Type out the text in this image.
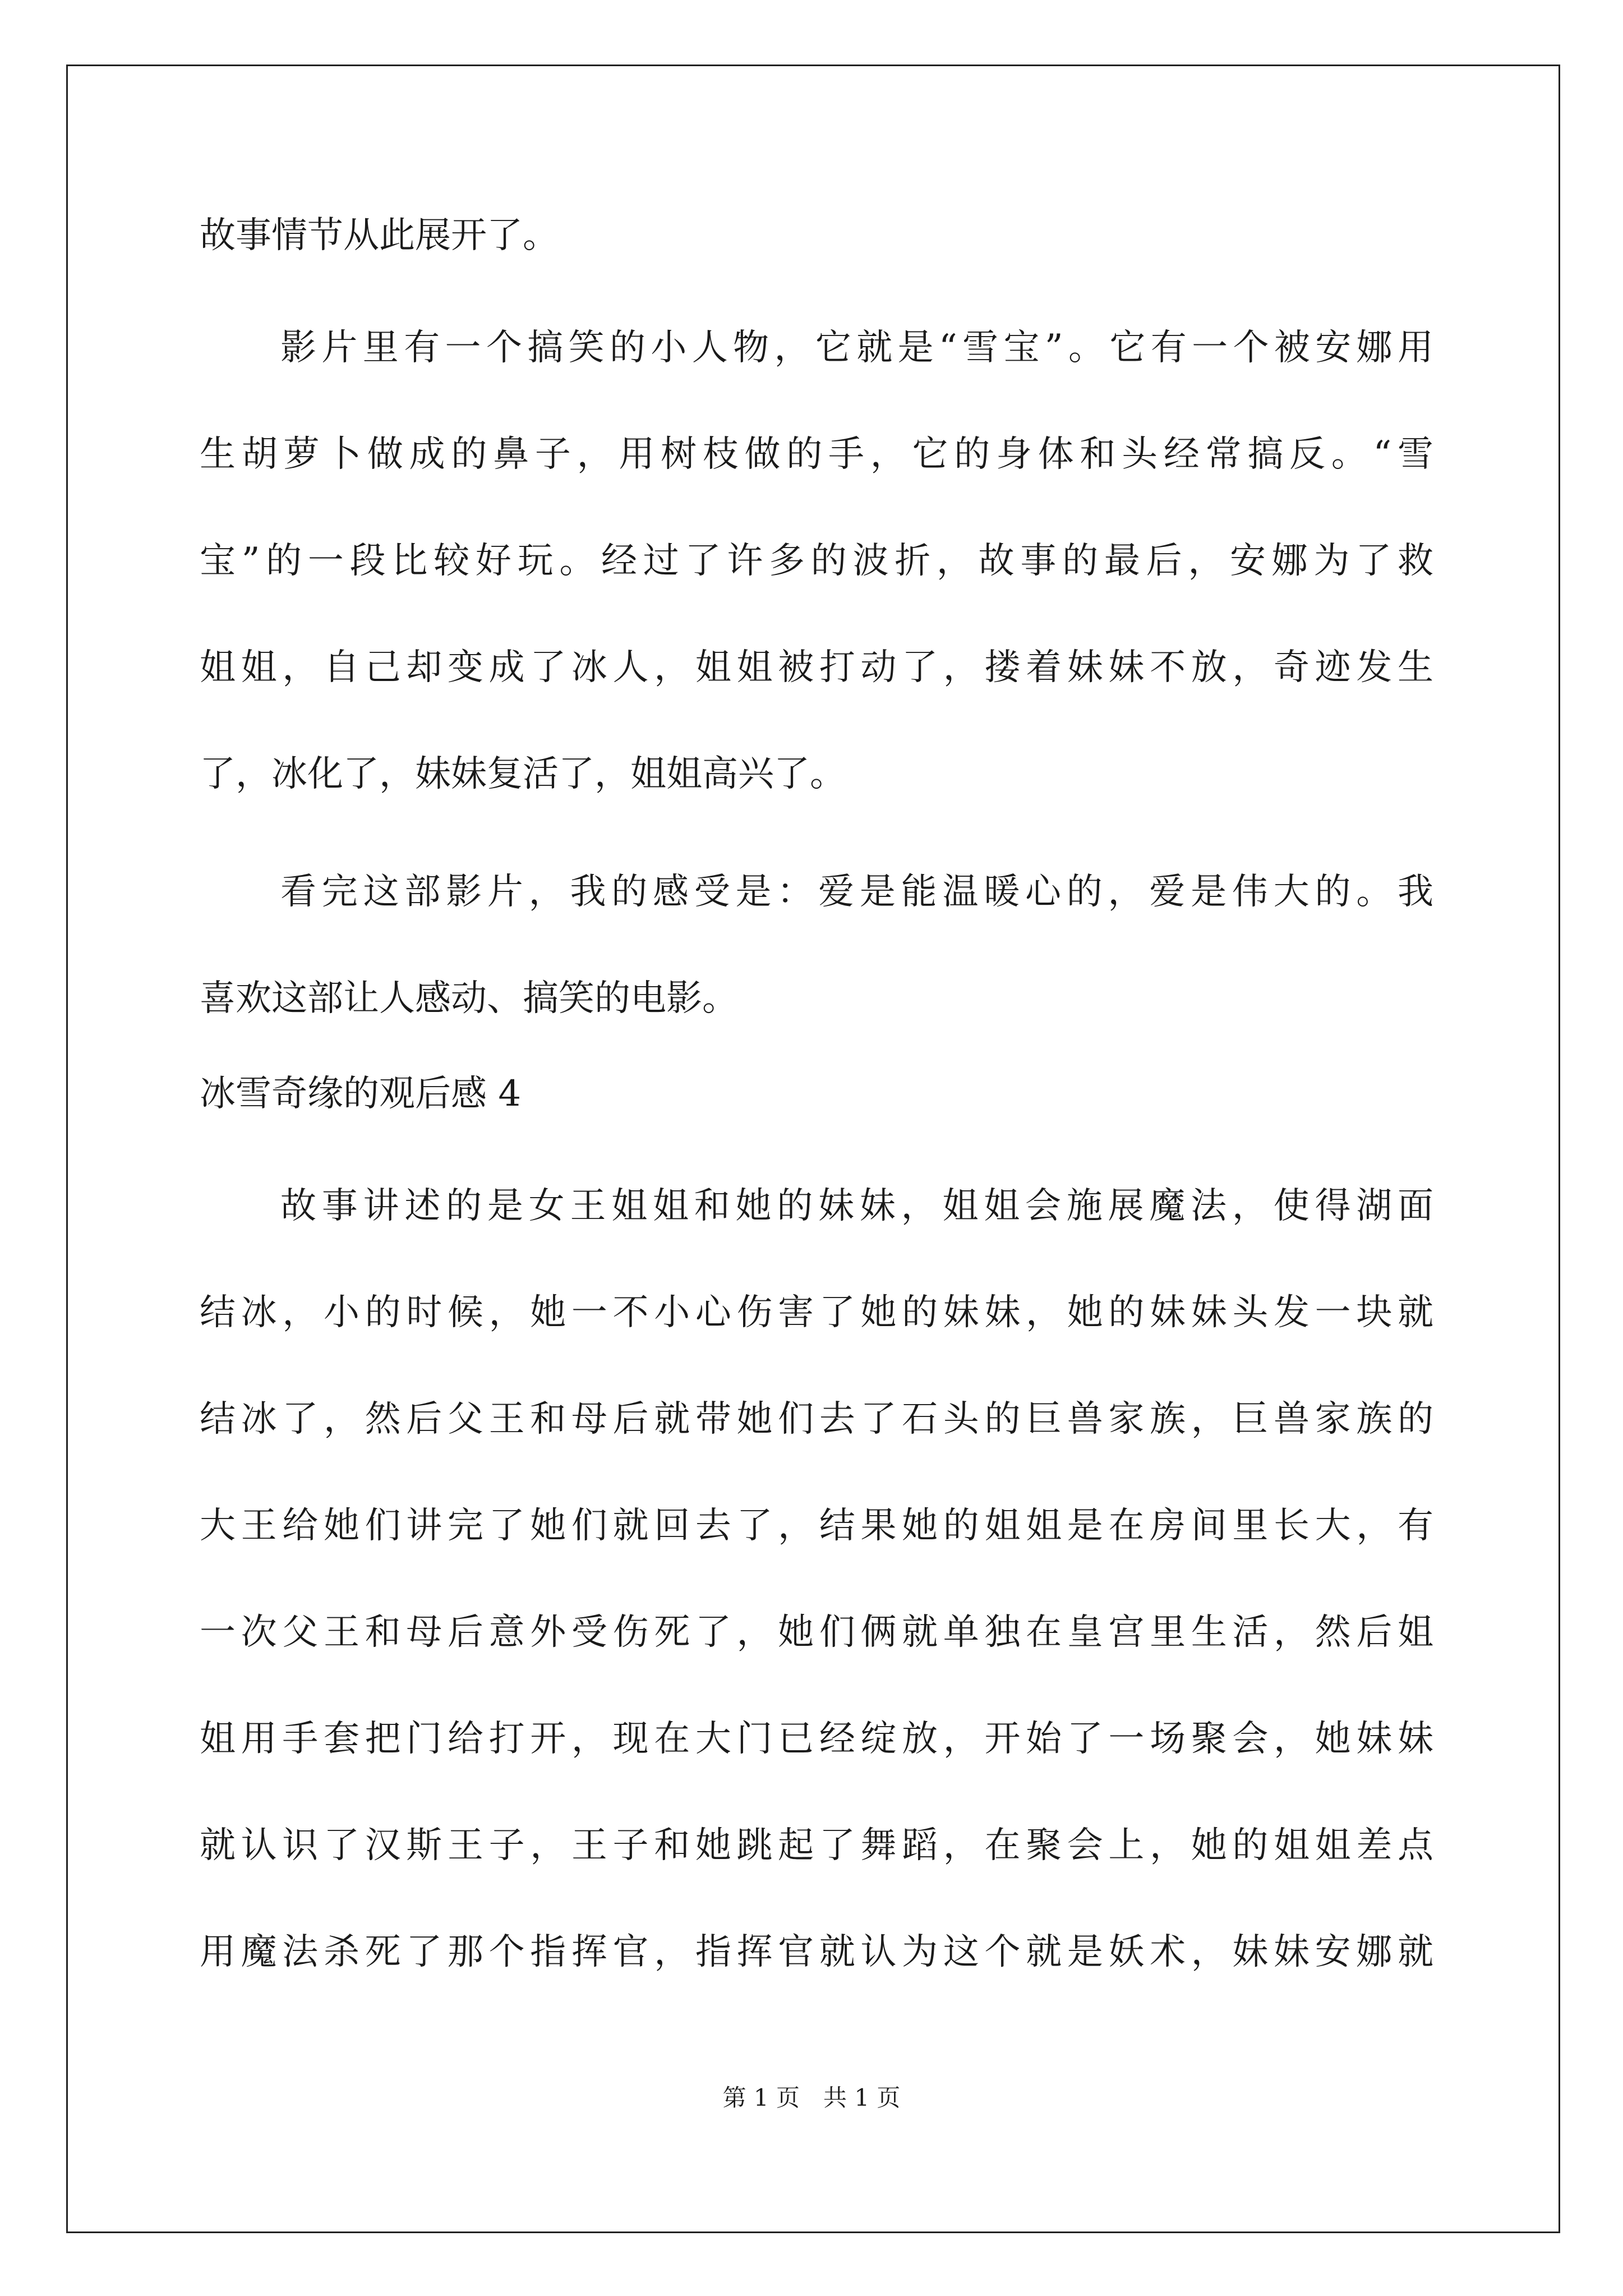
故事情节从此展开了。
影片里有一个搞笑的小人物，它就是“雪宝”。它有一个被安娜用
生胡萝卜做成的鼻子，用树枝做的手，它的身体和头经常搞反。“雪
宝”的一段比较好玩。经过了许多的波折，故事的最后，安娜为了救
姐姐，自己却变成了冰人，姐姐被打动了，搂着妹妹不放，奇迹发生
了，冰化了，妹妹复活了，姐姐高兴了。
看完这部影片，我的感受是：爱是能温暖心的，爱是伟大的。我
喜欢这部让人感动、搞笑的电影。
冰雪奇缘的观后感 4
故事讲述的是女王姐姐和她的妹妹，姐姐会施展魔法，使得湖面
结冰，小的时候，她一不小心伤害了她的妹妹，她的妹妹头发一块就
结冰了，然后父王和母后就带她们去了石头的巨兽家族，巨兽家族的
大王给她们讲完了她们就回去了，结果她的姐姐是在房间里长大，有
一次父王和母后意外受伤死了，她们俩就单独在皇宫里生活，然后姐
姐用手套把门给打开，现在大门已经绽放，开始了一场聚会，她妹妹
就认识了汉斯王子，王子和她跳起了舞蹈，在聚会上，她的姐姐差点
用魔法杀死了那个指挥官，指挥官就认为这个就是妖术，妹妹安娜就
第 1 页　共 1 页
